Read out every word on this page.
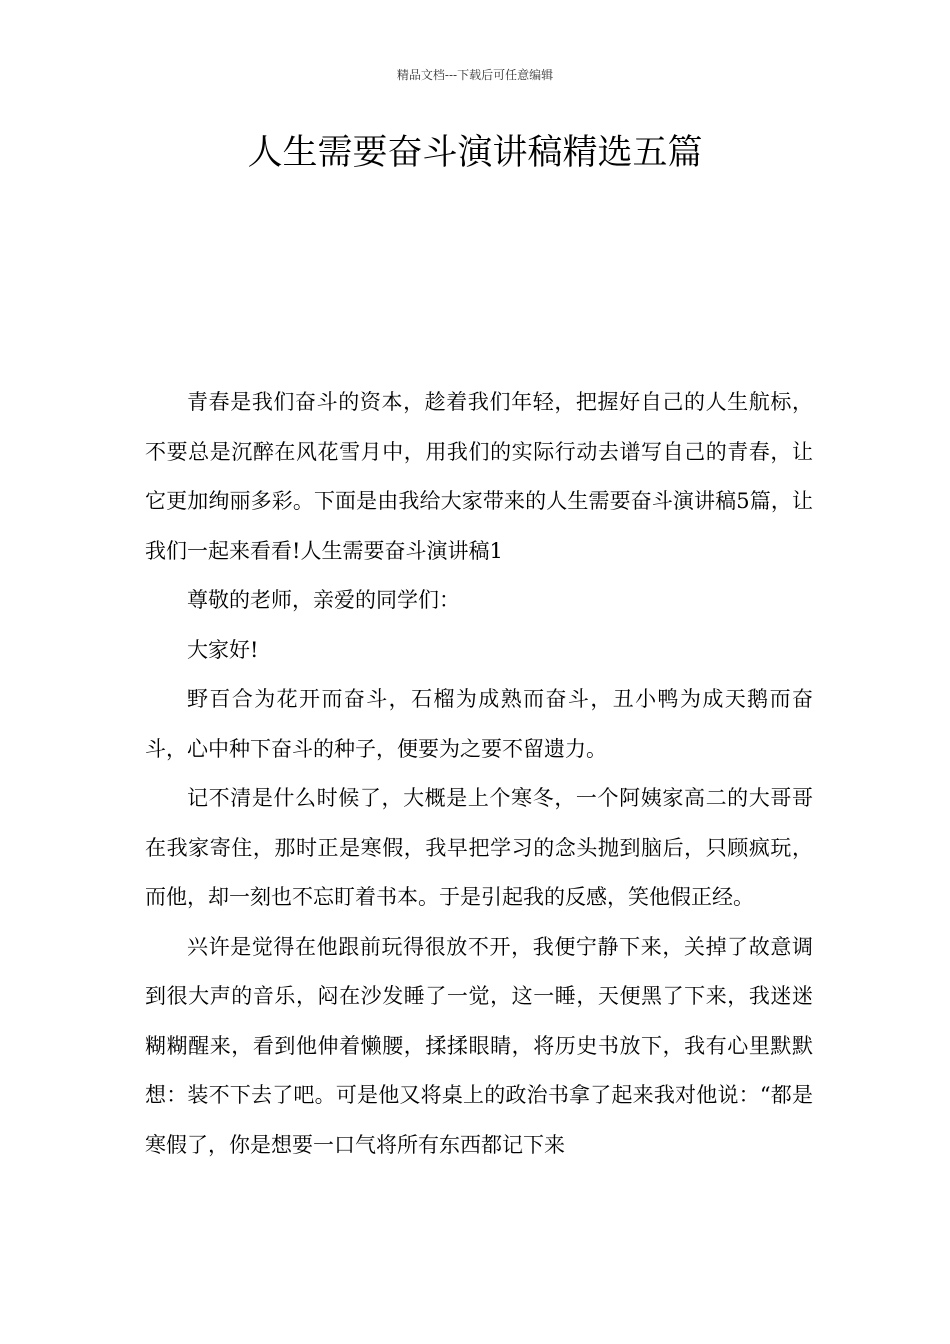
精品文档---下载后可任意编辑
人生需要奋斗演讲稿精选五篇

青春是我们奋斗的资本，趁着我们年轻，把握好自己的人生航标，不要总是沉醉在风花雪月中，用我们的实际行动去谱写自己的青春，让它更加绚丽多彩。下面是由我给大家带来的人生需要奋斗演讲稿5篇，让我们一起来看看!人生需要奋斗演讲稿1

尊敬的老师，亲爱的同学们：

大家好!

野百合为花开而奋斗，石榴为成熟而奋斗，丑小鸭为成天鹅而奋斗，心中种下奋斗的种子，便要为之要不留遗力。

记不清是什么时候了，大概是上个寒冬，一个阿姨家高二的大哥哥在我家寄住，那时正是寒假，我早把学习的念头抛到脑后，只顾疯玩，而他，却一刻也不忘盯着书本。于是引起我的反感，笑他假正经。

兴许是觉得在他跟前玩得很放不开，我便宁静下来，关掉了故意调到很大声的音乐，闷在沙发睡了一觉，这一睡，天便黑了下来，我迷迷糊糊醒来，看到他伸着懒腰，揉揉眼睛，将历史书放下，我有心里默默想：装不下去了吧。可是他又将桌上的政治书拿了起来我对他说：“都是寒假了，你是想要一口气将所有东西都记下来
